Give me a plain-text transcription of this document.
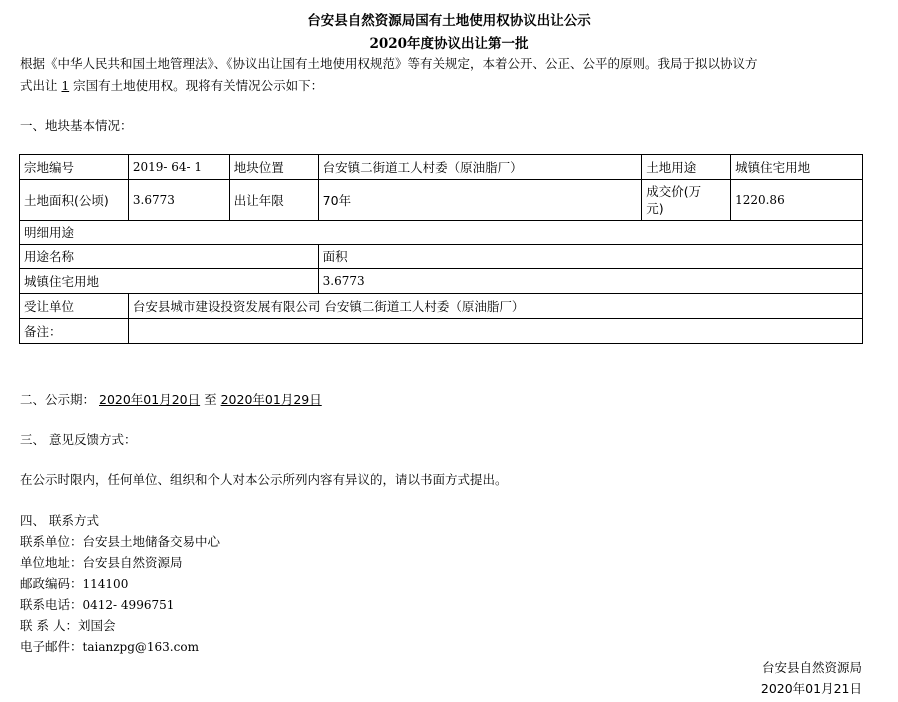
台安县自然资源局国有土地使用权协议出让公示
2020年度协议出让第一批
根据《中华人民共和国土地管理法》、《协议出让国有土地使用权规范》等有关规定，本着公开、公正、公平的原则。我局于拟以协议方
式出让 1 宗国有土地使用权。现将有关情况公示如下：
一、地块基本情况：
宗地编号	2019- 64- 1	地块位置	台安镇二街道工人村委（原油脂厂）	土地用途	城镇住宅用地
土地面积(公顷)	3.6773	出让年限	70年	成交价(万
元)	1220.86
明细用途					
用途名称			面积		
城镇住宅用地			3.6773		
受让单位	台安县城市建设投资发展有限公司 台安镇二街道工人村委（原油脂厂）				
备注：					
二、公示期： 2020年01月20日 至 2020年01月29日
三、 意见反馈方式：
在公示时限内，任何单位、组织和个人对本公示所列内容有异议的，请以书面方式提出。
四、 联系方式
联系单位：台安县土地储备交易中心
单位地址：台安县自然资源局
邮政编码：114100
联系电话：0412- 4996751
联 系 人：刘国会
电子邮件：taianzpg@163.com
台安县自然资源局
2020年01月21日
